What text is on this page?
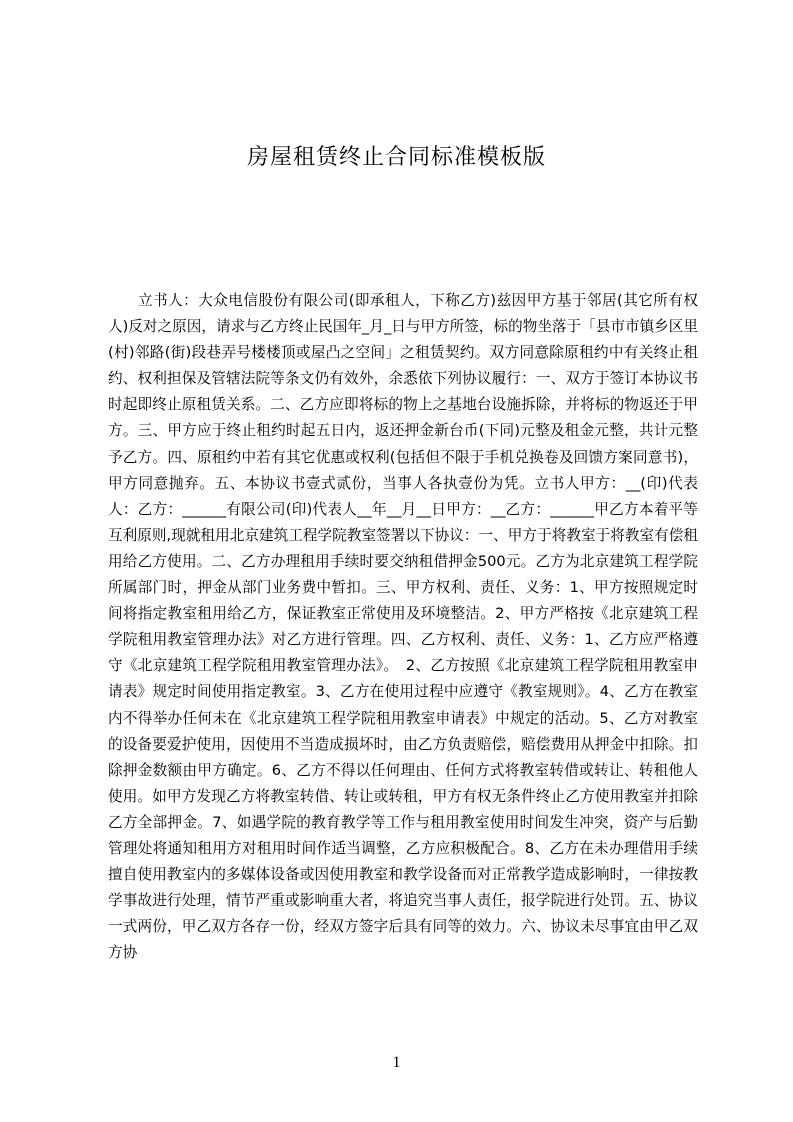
房屋租赁终止合同标准模板版

立书人：大众电信股份有限公司(即承租人，下称乙方)兹因甲方基于邻居(其它所有权人)反对之原因，请求与乙方终止民国年_月_日与甲方所签，标的物坐落于「县市市镇乡区里(村)邻路(街)段巷弄号楼楼顶或屋凸之空间」之租赁契约。双方同意除原租约中有关终止租约、权利担保及管辖法院等条文仍有效外，余悉依下列协议履行：一、双方于签订本协议书时起即终止原租赁关系。二、乙方应即将标的物上之基地台设施拆除，并将标的物返还于甲方。三、甲方应于终止租约时起五日内，返还押金新台币(下同)元整及租金元整，共计元整予乙方。四、原租约中若有其它优惠或权利(包括但不限于手机兑换卷及回馈方案同意书)，甲方同意抛弃。五、本协议书壹式贰份，当事人各执壹份为凭。立书人甲方：__(印)代表人：乙方：______有限公司(印)代表人__年__月__日甲方：__乙方：______甲乙方本着平等互利原则,现就租用北京建筑工程学院教室签署以下协议：一、甲方于将教室于将教室有偿租用给乙方使用。二、乙方办理租用手续时要交纳租借押金500元。乙方为北京建筑工程学院所属部门时，押金从部门业务费中暂扣。三、甲方权利、责任、义务：1、甲方按照规定时间将指定教室租用给乙方，保证教室正常使用及环境整洁。2、甲方严格按《北京建筑工程学院租用教室管理办法》对乙方进行管理。四、乙方权利、责任、义务：1、乙方应严格遵守《北京建筑工程学院租用教室管理办法》。　2、乙方按照《北京建筑工程学院租用教室申请表》规定时间使用指定教室。3、乙方在使用过程中应遵守《教室规则》。4、乙方在教室内不得举办任何未在《北京建筑工程学院租用教室申请表》中规定的活动。5、乙方对教室的设备要爱护使用，因使用不当造成损坏时，由乙方负责赔偿，赔偿费用从押金中扣除。扣除押金数额由甲方确定。6、乙方不得以任何理由、任何方式将教室转借或转让、转租他人使用。如甲方发现乙方将教室转借、转让或转租，甲方有权无条件终止乙方使用教室并扣除乙方全部押金。7、如遇学院的教育教学等工作与租用教室使用时间发生冲突，资产与后勤管理处将通知租用方对租用时间作适当调整，乙方应积极配合。8、乙方在未办理借用手续擅自使用教室内的多媒体设备或因使用教室和教学设备而对正常教学造成影响时，一律按教学事故进行处理，情节严重或影响重大者，将追究当事人责任，报学院进行处罚。五、协议一式两份，甲乙双方各存一份，经双方签字后具有同等的效力。六、协议未尽事宜由甲乙双方协

1
